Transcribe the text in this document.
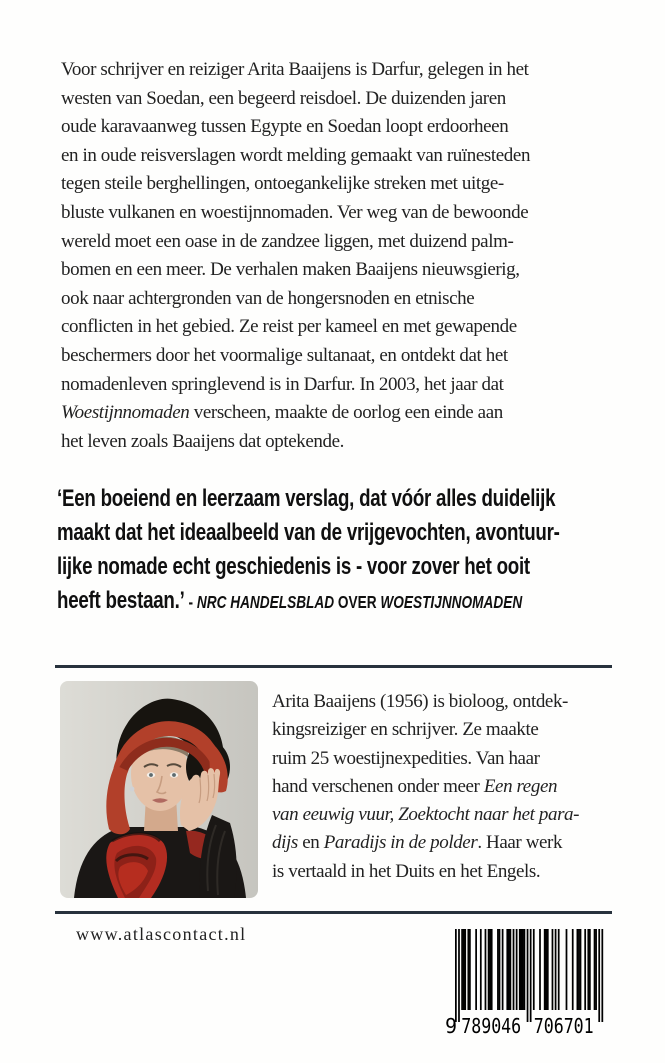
Voor schrijver en reiziger Arita Baaijens is Darfur, gelegen in het
westen van Soedan, een begeerd reisdoel. De duizenden jaren
oude karavaanweg tussen Egypte en Soedan loopt erdoorheen
en in oude reisverslagen wordt melding gemaakt van ruïnesteden
tegen steile berghellingen, ontoegankelijke streken met uitge-
bluste vulkanen en woestijnnomaden. Ver weg van de bewoonde
wereld moet een oase in de zandzee liggen, met duizend palm-
bomen en een meer. De verhalen maken Baaijens nieuwsgierig,
ook naar achtergronden van de hongersnoden en etnische
conflicten in het gebied. Ze reist per kameel en met gewapende
beschermers door het voormalige sultanaat, en ontdekt dat het
nomadenleven springlevend is in Darfur. In 2003, het jaar dat
Woestijnnomaden verscheen, maakte de oorlog een einde aan
het leven zoals Baaijens dat optekende.
‘Een boeiend en leerzaam verslag, dat vóór alles duidelijk
maakt dat het ideaalbeeld van de vrijgevochten, avontuur-
lijke nomade echt geschiedenis is - voor zover het ooit
heeft bestaan.’ - NRC HANDELSBLAD OVER WOESTIJNNOMADEN
Arita Baaijens (1956) is bioloog, ontdek-
kingsreiziger en schrijver. Ze maakte
ruim 25 woestijnexpedities. Van haar
hand verschenen onder meer Een regen
van eeuwig vuur, Zoektocht naar het para-
dijs en Paradijs in de polder. Haar werk
is vertaald in het Duits en het Engels.
www.atlascontact.nl
9 789046 706701
